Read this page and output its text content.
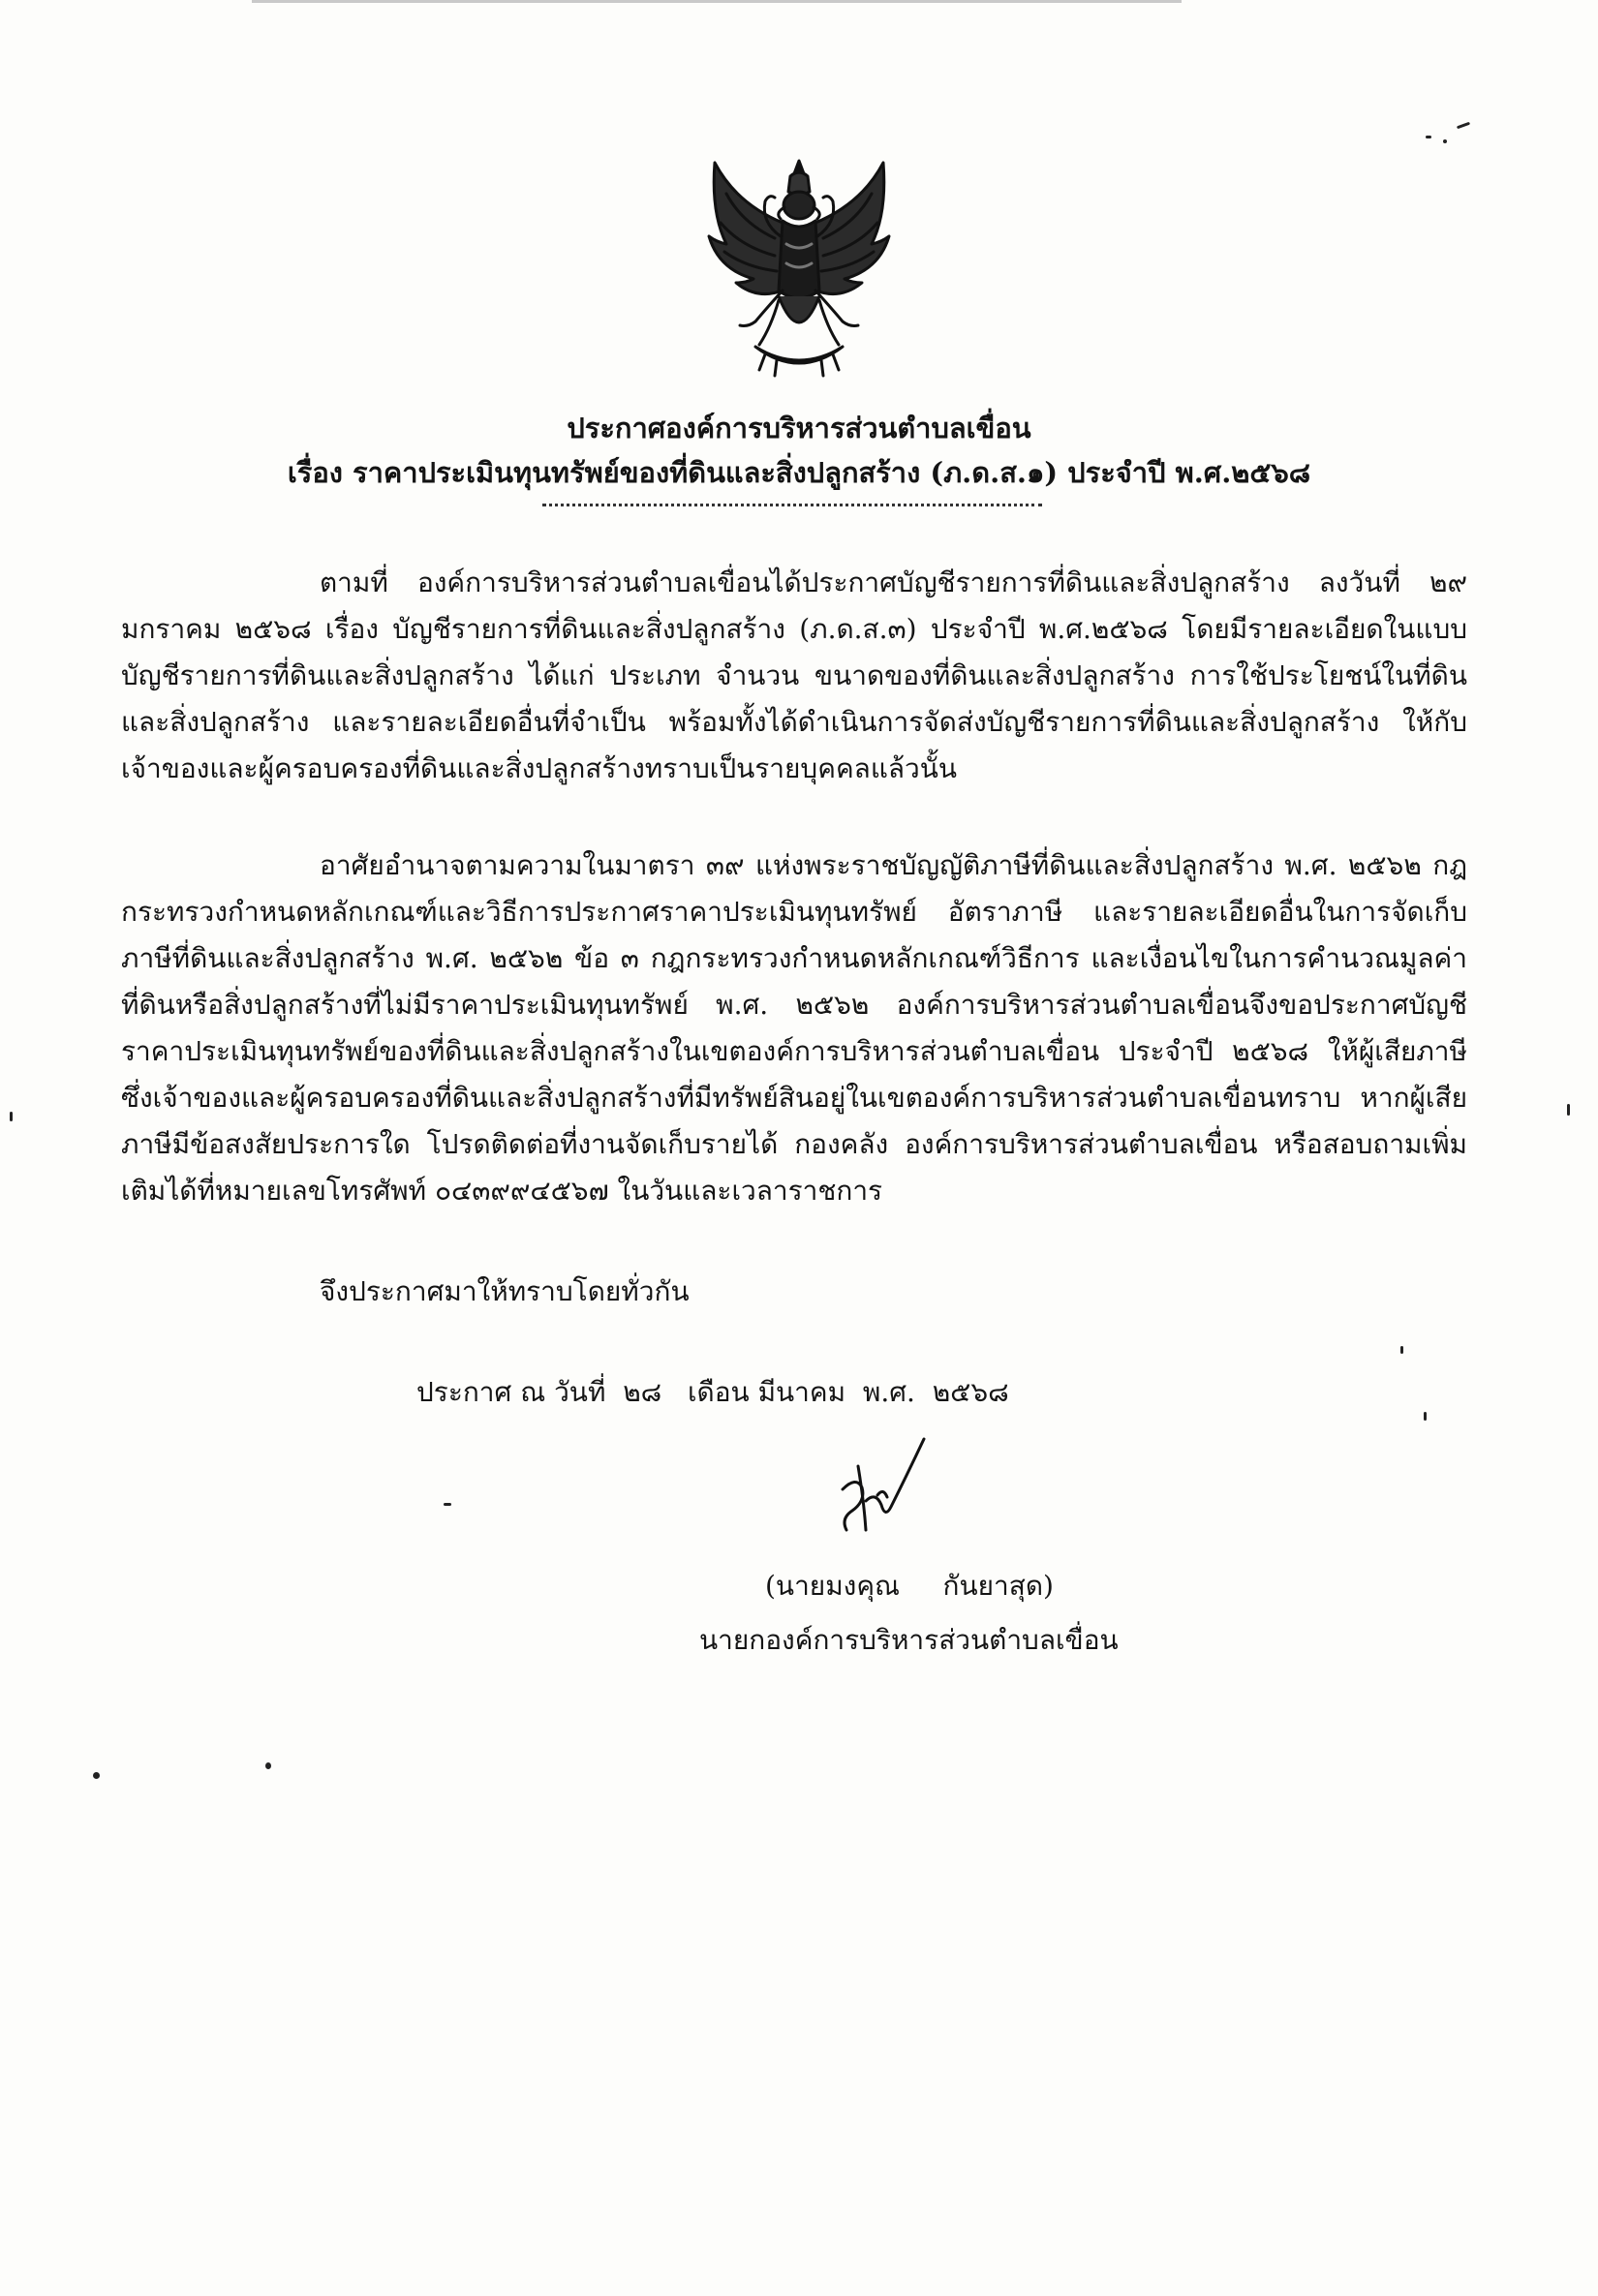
ประกาศองค์การบริหารส่วนตำบลเขื่อน
เรื่อง ราคาประเมินทุนทรัพย์ของที่ดินและสิ่งปลูกสร้าง (ภ.ด.ส.๑) ประจำปี พ.ศ.๒๕๖๘

ตามที่ องค์การบริหารส่วนตำบลเขื่อนได้ประกาศบัญชีรายการที่ดินและสิ่งปลูกสร้าง ลงวันที่ ๒๙ มกราคม ๒๕๖๘ เรื่อง บัญชีรายการที่ดินและสิ่งปลูกสร้าง (ภ.ด.ส.๓) ประจำปี พ.ศ.๒๕๖๘ โดยมีรายละเอียดในแบบบัญชีรายการที่ดินและสิ่งปลูกสร้าง ได้แก่ ประเภท จำนวน ขนาดของที่ดินและสิ่งปลูกสร้าง การใช้ประโยชน์ในที่ดินและสิ่งปลูกสร้าง และรายละเอียดอื่นที่จำเป็น พร้อมทั้งได้ดำเนินการจัดส่งบัญชีรายการที่ดินและสิ่งปลูกสร้าง ให้กับเจ้าของและผู้ครอบครองที่ดินและสิ่งปลูกสร้างทราบเป็นรายบุคคลแล้วนั้น

อาศัยอำนาจตามความในมาตรา ๓๙ แห่งพระราชบัญญัติภาษีที่ดินและสิ่งปลูกสร้าง พ.ศ. ๒๕๖๒ กฎกระทรวงกำหนดหลักเกณฑ์และวิธีการประกาศราคาประเมินทุนทรัพย์ อัตราภาษี และรายละเอียดอื่นในการจัดเก็บภาษีที่ดินและสิ่งปลูกสร้าง พ.ศ. ๒๕๖๒ ข้อ ๓ กฎกระทรวงกำหนดหลักเกณฑ์วิธีการ และเงื่อนไขในการคำนวณมูลค่าที่ดินหรือสิ่งปลูกสร้างที่ไม่มีราคาประเมินทุนทรัพย์ พ.ศ. ๒๕๖๒ องค์การบริหารส่วนตำบลเขื่อนจึงขอประกาศบัญชีราคาประเมินทุนทรัพย์ของที่ดินและสิ่งปลูกสร้างในเขตองค์การบริหารส่วนตำบลเขื่อน ประจำปี ๒๕๖๘ ให้ผู้เสียภาษีซึ่งเจ้าของและผู้ครอบครองที่ดินและสิ่งปลูกสร้างที่มีทรัพย์สินอยู่ในเขตองค์การบริหารส่วนตำบลเขื่อนทราบ หากผู้เสียภาษีมีข้อสงสัยประการใด โปรดติดต่อที่งานจัดเก็บรายได้ กองคลัง องค์การบริหารส่วนตำบลเขื่อน หรือสอบถามเพิ่มเติมได้ที่หมายเลขโทรศัพท์ ๐๔๓๙๙๔๕๖๗ ในวันและเวลาราชการ

จึงประกาศมาให้ทราบโดยทั่วกัน
ประกาศ ณ วันที่  ๒๘   เดือน มีนาคม  พ.ศ.  ๒๕๖๘
(นายมงคุณ     กันยาสุด)
นายกองค์การบริหารส่วนตำบลเขื่อน
